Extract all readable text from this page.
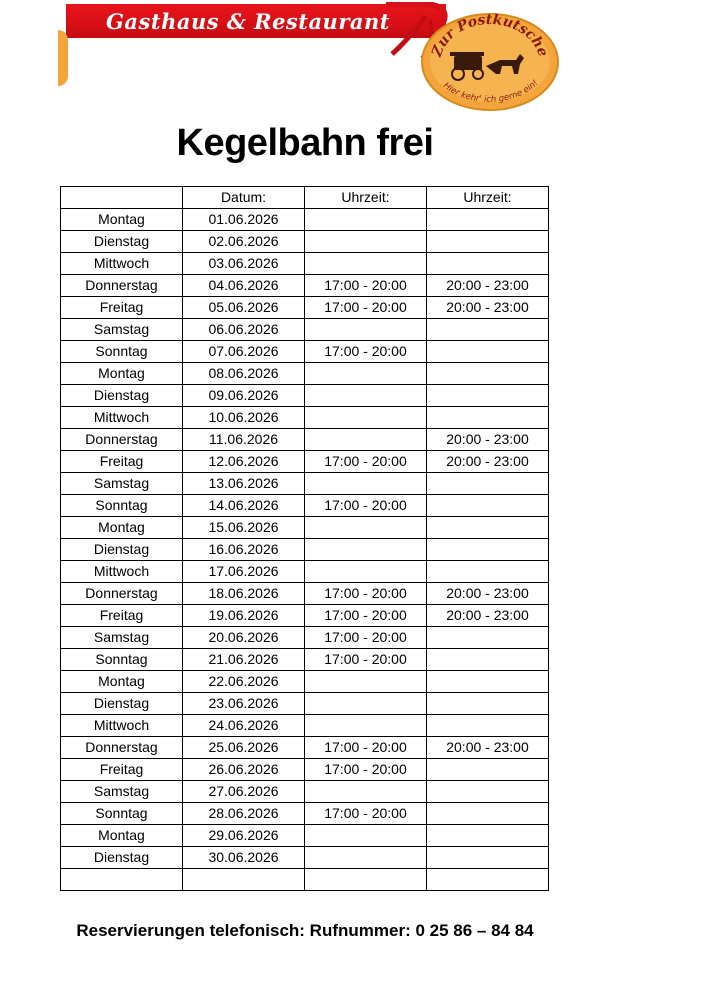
Gasthaus & Restaurant
Zur Postkutsche
Hier kehr' ich gerne ein!
Kegelbahn frei
	Datum:	Uhrzeit:	Uhrzeit:
Montag	01.06.2026		
Dienstag	02.06.2026		
Mittwoch	03.06.2026		
Donnerstag	04.06.2026	17:00 - 20:00	20:00 - 23:00
Freitag	05.06.2026	17:00 - 20:00	20:00 - 23:00
Samstag	06.06.2026		
Sonntag	07.06.2026	17:00 - 20:00	
Montag	08.06.2026		
Dienstag	09.06.2026		
Mittwoch	10.06.2026		
Donnerstag	11.06.2026		20:00 - 23:00
Freitag	12.06.2026	17:00 - 20:00	20:00 - 23:00
Samstag	13.06.2026		
Sonntag	14.06.2026	17:00 - 20:00	
Montag	15.06.2026		
Dienstag	16.06.2026		
Mittwoch	17.06.2026		
Donnerstag	18.06.2026	17:00 - 20:00	20:00 - 23:00
Freitag	19.06.2026	17:00 - 20:00	20:00 - 23:00
Samstag	20.06.2026	17:00 - 20:00	
Sonntag	21.06.2026	17:00 - 20:00	
Montag	22.06.2026		
Dienstag	23.06.2026		
Mittwoch	24.06.2026		
Donnerstag	25.06.2026	17:00 - 20:00	20:00 - 23:00
Freitag	26.06.2026	17:00 - 20:00	
Samstag	27.06.2026		
Sonntag	28.06.2026	17:00 - 20:00	
Montag	29.06.2026		
Dienstag	30.06.2026		

Reservierungen telefonisch: Rufnummer: 0 25 86 – 84 84
